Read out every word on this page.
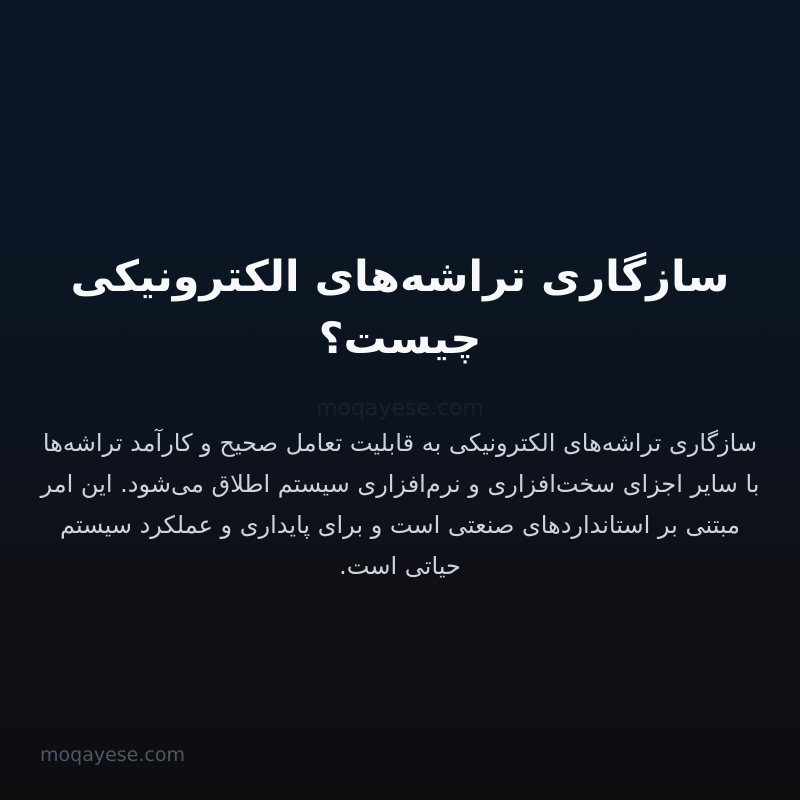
سازگاری تراشه‌های الکترونیکی
چیست؟
moqayese.com
سازگاری تراشه‌های الکترونیکی به قابلیت تعامل صحیح و کارآمد تراشه‌ها با سایر اجزای سخت‌افزاری و نرم‌افزاری سیستم اطلاق می‌شود. این امر مبتنی بر استانداردهای صنعتی است و برای پایداری و عملکرد سیستم حیاتی است.
moqayese.com
